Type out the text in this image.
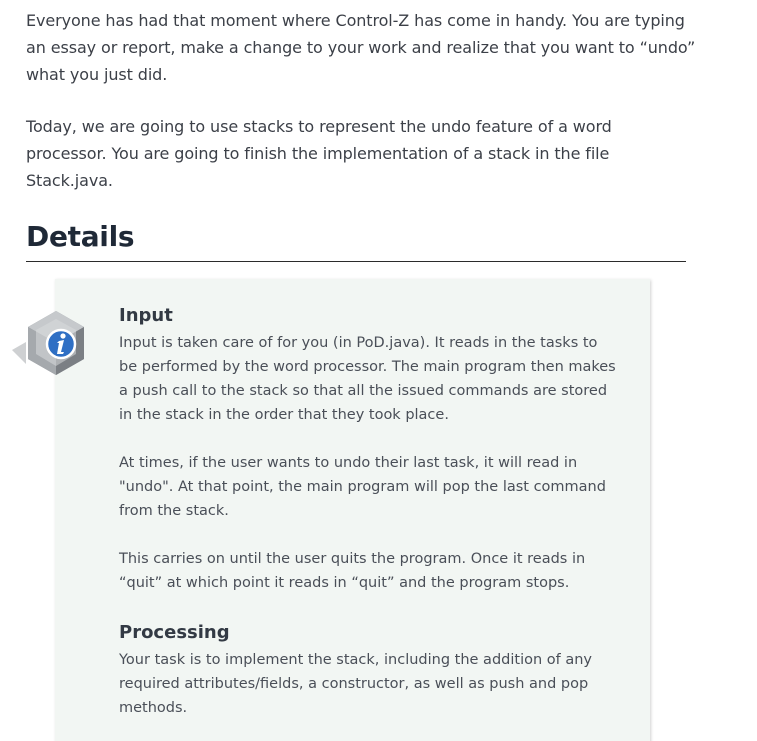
Everyone has had that moment where Control-Z has come in handy. You are typing an essay or report, make a change to your work and realize that you want to “undo” what you just did.

Today, we are going to use stacks to represent the undo feature of a word processor. You are going to finish the implementation of a stack in the file Stack.java.

Details
Input

Input is taken care of for you (in PoD.java). It reads in the tasks to be performed by the word processor. The main program then makes a push call to the stack so that all the issued commands are stored in the stack in the order that they took place.

At times, if the user wants to undo their last task, it will read in "undo". At that point, the main program will pop the last command from the stack.

This carries on until the user quits the program. Once it reads in “quit” at which point it reads in “quit” and the program stops.

Processing

Your task is to implement the stack, including the addition of any required attributes/fields, a constructor, as well as push and pop methods.
